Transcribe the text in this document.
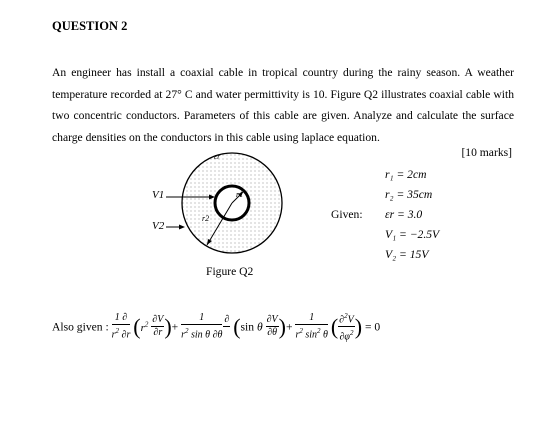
QUESTION 2
An engineer has install a coaxial cable in tropical country during the rainy season. A weather temperature recorded at 27° C and water permittivity is 10. Figure Q2 illustrates coaxial cable with two concentric conductors. Parameters of this cable are given. Analyze and calculate the surface charge densities on the conductors in this cable using laplace equation.
[10 marks]
εr
V1
V2
r1
r2
Figure Q2
Given:
r₁ = 2cm
r₂ = 35cm
εr = 3.0
V₁ = −2.5V
V₂ = 15V
Also given : $\frac{1 \partial}{r^2 \partial r} (r^2 \frac{\partial V}{\partial r}$ )+ $\frac{1}{r^2 \sin \theta \partial\theta}$
∂
(sin θ $\frac{\partial V}{\partial\theta}$ )+ $\frac{1}{r^2 \sin^2 \theta}$ ( $\frac{\partial^2V}{\partial\varphi^2}$ ) = 0
